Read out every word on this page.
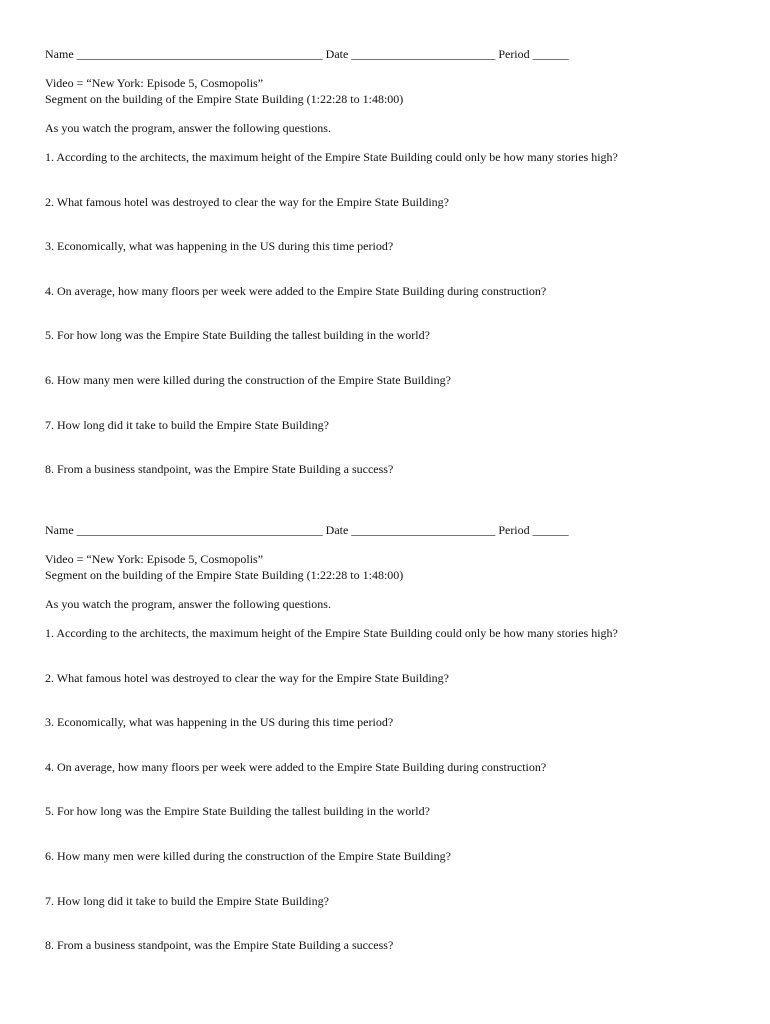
Name _________________________________________ Date ________________________ Period ______
Video = “New York: Episode 5, Cosmopolis”
Segment on the building of the Empire State Building (1:22:28 to 1:48:00)
As you watch the program, answer the following questions.
1. According to the architects, the maximum height of the Empire State Building could only be how many stories high?
2. What famous hotel was destroyed to clear the way for the Empire State Building?
3. Economically, what was happening in the US during this time period?
4. On average, how many floors per week were added to the Empire State Building during construction?
5. For how long was the Empire State Building the tallest building in the world?
6. How many men were killed during the construction of the Empire State Building?
7. How long did it take to build the Empire State Building?
8. From a business standpoint, was the Empire State Building a success?
Name _________________________________________ Date ________________________ Period ______
Video = “New York: Episode 5, Cosmopolis”
Segment on the building of the Empire State Building (1:22:28 to 1:48:00)
As you watch the program, answer the following questions.
1. According to the architects, the maximum height of the Empire State Building could only be how many stories high?
2. What famous hotel was destroyed to clear the way for the Empire State Building?
3. Economically, what was happening in the US during this time period?
4. On average, how many floors per week were added to the Empire State Building during construction?
5. For how long was the Empire State Building the tallest building in the world?
6. How many men were killed during the construction of the Empire State Building?
7. How long did it take to build the Empire State Building?
8. From a business standpoint, was the Empire State Building a success?
